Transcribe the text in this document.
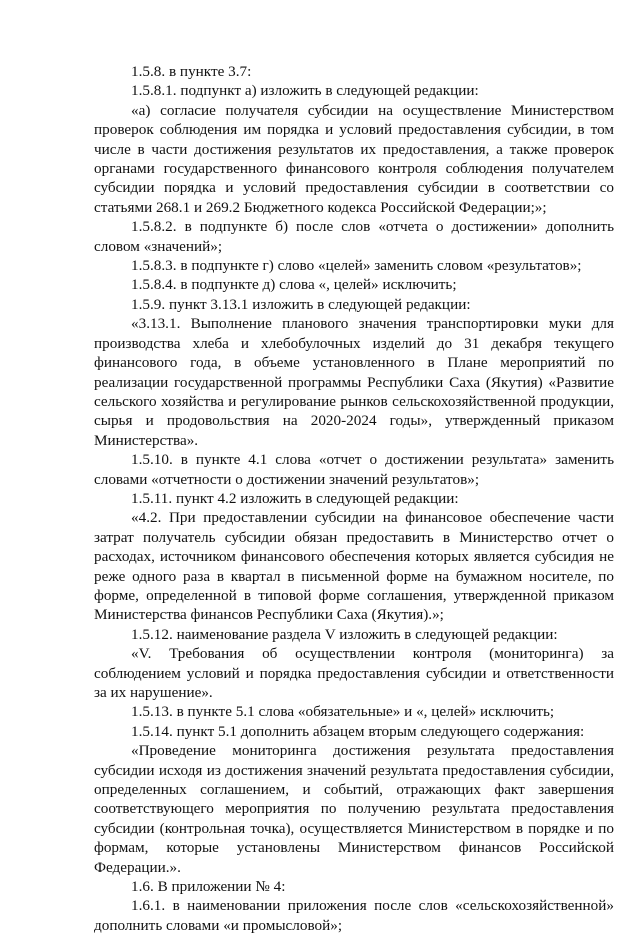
1.5.8. в пункте 3.7:

1.5.8.1. подпункт а) изложить в следующей редакции:

«а) согласие получателя субсидии на осуществление Министерством проверок соблюдения им порядка и условий предоставления субсидии, в том числе в части достижения результатов их предоставления, а также проверок органами государственного финансового контроля соблюдения получателем субсидии порядка и условий предоставления субсидии в соответствии со статьями 268.1 и 269.2 Бюджетного кодекса Российской Федерации;»;

1.5.8.2. в подпункте б) после слов «отчета о достижении» дополнить словом «значений»;

1.5.8.3. в подпункте г) слово «целей» заменить словом «результатов»;

1.5.8.4. в подпункте д) слова «, целей» исключить;

1.5.9. пункт 3.13.1 изложить в следующей редакции:

«3.13.1. Выполнение планового значения транспортировки муки для производства хлеба и хлебобулочных изделий до 31 декабря текущего финансового года, в объеме установленного в Плане мероприятий по реализации государственной программы Республики Саха (Якутия) «Развитие сельского хозяйства и регулирование рынков сельскохозяйственной продукции, сырья и продовольствия на 2020-2024 годы», утвержденный приказом Министерства».

1.5.10. в пункте 4.1 слова «отчет о достижении результата» заменить словами «отчетности о достижении значений результатов»;

1.5.11. пункт 4.2 изложить в следующей редакции:

«4.2. При предоставлении субсидии на финансовое обеспечение части затрат получатель субсидии обязан предоставить в Министерство отчет о расходах, источником финансового обеспечения которых является субсидия не реже одного раза в квартал в письменной форме на бумажном носителе, по форме, определенной в типовой форме соглашения, утвержденной приказом Министерства финансов Республики Саха (Якутия).»;

1.5.12. наименование раздела V изложить в следующей редакции:

«V. Требования об осуществлении контроля (мониторинга) за соблюдением условий и порядка предоставления субсидии и ответственности за их нарушение».

1.5.13. в пункте 5.1 слова «обязательные» и «, целей» исключить;

1.5.14. пункт 5.1 дополнить абзацем вторым следующего содержания:

«Проведение мониторинга достижения результата предоставления субсидии исходя из достижения значений результата предоставления субсидии, определенных соглашением, и событий, отражающих факт завершения соответствующего мероприятия по получению результата предоставления субсидии (контрольная точка), осуществляется Министерством в порядке и по формам, которые установлены Министерством финансов Российской Федерации.».

1.6. В приложении № 4:

1.6.1. в наименовании приложения после слов «сельскохозяйственной» дополнить словами «и промысловой»;
